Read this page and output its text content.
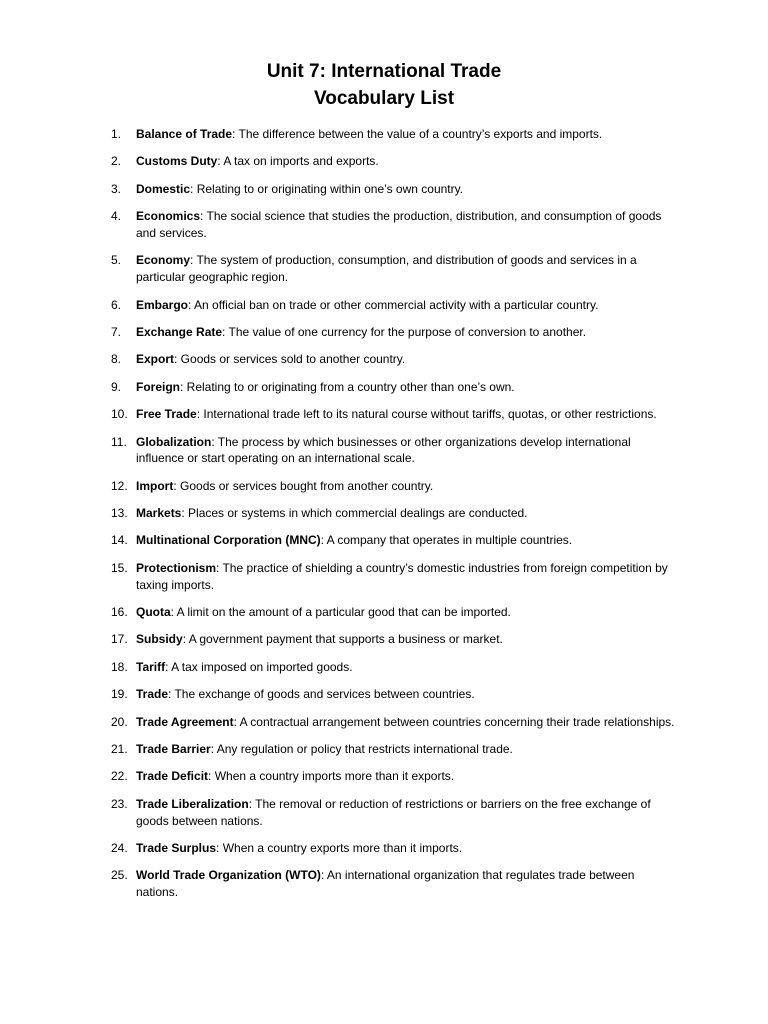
Unit 7: International Trade
Vocabulary List
1.	Balance of Trade: The difference between the value of a country’s exports and imports.
2.	Customs Duty: A tax on imports and exports.
3.	Domestic: Relating to or originating within one’s own country.
4.	Economics: The social science that studies the production, distribution, and consumption of goods and services.
5.	Economy: The system of production, consumption, and distribution of goods and services in a particular geographic region.
6.	Embargo: An official ban on trade or other commercial activity with a particular country.
7.	Exchange Rate: The value of one currency for the purpose of conversion to another.
8.	Export: Goods or services sold to another country.
9.	Foreign: Relating to or originating from a country other than one’s own.
10. Free Trade: International trade left to its natural course without tariffs, quotas, or other restrictions.
11. Globalization: The process by which businesses or other organizations develop international influence or start operating on an international scale.
12. Import: Goods or services bought from another country.
13. Markets: Places or systems in which commercial dealings are conducted.
14. Multinational Corporation (MNC): A company that operates in multiple countries.
15. Protectionism: The practice of shielding a country’s domestic industries from foreign competition by taxing imports.
16. Quota: A limit on the amount of a particular good that can be imported.
17. Subsidy: A government payment that supports a business or market.
18. Tariff: A tax imposed on imported goods.
19. Trade: The exchange of goods and services between countries.
20. Trade Agreement: A contractual arrangement between countries concerning their trade relationships.
21. Trade Barrier: Any regulation or policy that restricts international trade.
22. Trade Deficit: When a country imports more than it exports.
23. Trade Liberalization: The removal or reduction of restrictions or barriers on the free exchange of goods between nations.
24. Trade Surplus: When a country exports more than it imports.
25. World Trade Organization (WTO): An international organization that regulates trade between nations.
